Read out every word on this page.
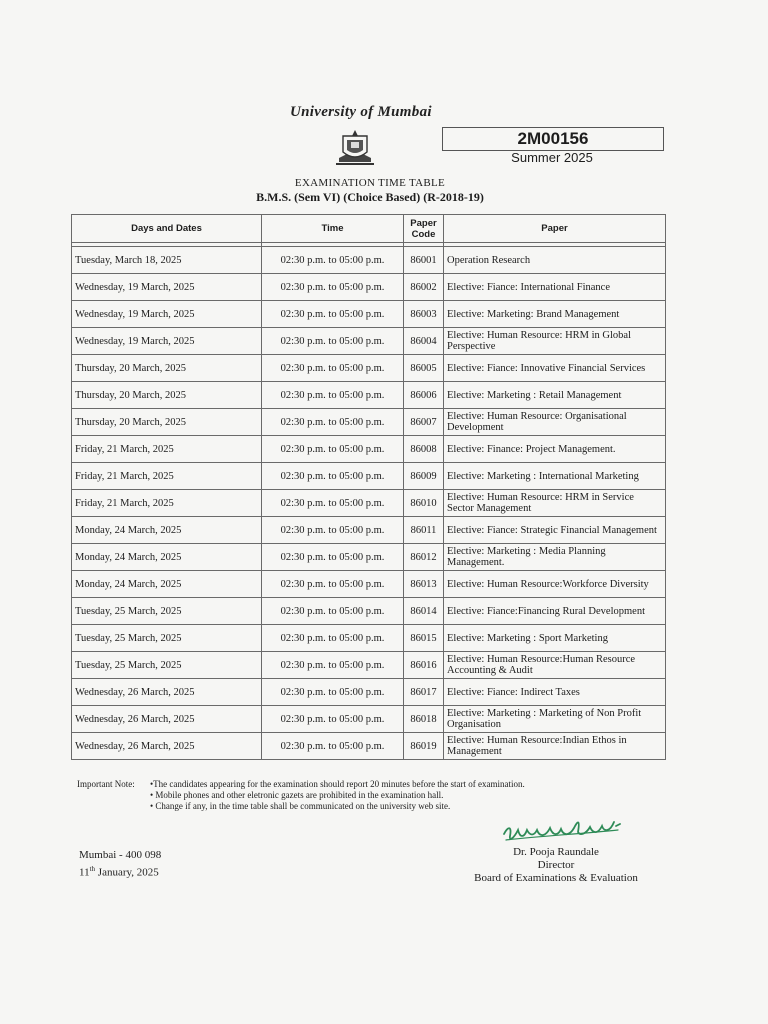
University of Mumbai
2M00156
Summer 2025
EXAMINATION TIME TABLE
B.M.S. (Sem VI) (Choice Based) (R-2018-19)
Days and Dates	Time	Paper Code	Paper

Tuesday, March 18, 2025	02:30 p.m. to 05:00 p.m.	86001	Operation Research
Wednesday, 19 March, 2025	02:30 p.m. to 05:00 p.m.	86002	Elective: Fiance: International Finance
Wednesday, 19 March, 2025	02:30 p.m. to 05:00 p.m.	86003	Elective: Marketing: Brand Management
Wednesday, 19 March, 2025	02:30 p.m. to 05:00 p.m.	86004	Elective: Human Resource: HRM in Global Perspective
Thursday, 20 March, 2025	02:30 p.m. to 05:00 p.m.	86005	Elective: Fiance: Innovative Financial Services
Thursday, 20 March, 2025	02:30 p.m. to 05:00 p.m.	86006	Elective: Marketing : Retail Management
Thursday, 20 March, 2025	02:30 p.m. to 05:00 p.m.	86007	Elective: Human Resource: Organisational Development
Friday, 21 March, 2025	02:30 p.m. to 05:00 p.m.	86008	Elective: Finance: Project Management.
Friday, 21 March, 2025	02:30 p.m. to 05:00 p.m.	86009	Elective: Marketing : International Marketing
Friday, 21 March, 2025	02:30 p.m. to 05:00 p.m.	86010	Elective: Human Resource: HRM in Service Sector Management
Monday, 24 March, 2025	02:30 p.m. to 05:00 p.m.	86011	Elective: Fiance: Strategic Financial Management
Monday, 24 March, 2025	02:30 p.m. to 05:00 p.m.	86012	Elective: Marketing : Media Planning Management.
Monday, 24 March, 2025	02:30 p.m. to 05:00 p.m.	86013	Elective: Human Resource:Workforce Diversity
Tuesday, 25 March, 2025	02:30 p.m. to 05:00 p.m.	86014	Elective: Fiance:Financing Rural Development
Tuesday, 25 March, 2025	02:30 p.m. to 05:00 p.m.	86015	Elective: Marketing : Sport Marketing
Tuesday, 25 March, 2025	02:30 p.m. to 05:00 p.m.	86016	Elective: Human Resource:Human Resource Accounting & Audit
Wednesday, 26 March, 2025	02:30 p.m. to 05:00 p.m.	86017	Elective: Fiance: Indirect Taxes
Wednesday, 26 March, 2025	02:30 p.m. to 05:00 p.m.	86018	Elective: Marketing : Marketing of Non Profit Organisation
Wednesday, 26 March, 2025	02:30 p.m. to 05:00 p.m.	86019	Elective: Human Resource:Indian Ethos in Management
Important Note: •The candidates appearing for the examination should report 20 minutes before the start of examination.
• Mobile phones and other eletronic gazets are prohibited in the examination hall.
• Change if any, in the time table shall be communicated on the university web site.
Mumbai - 400 098
11th January, 2025
Dr. Pooja Raundale
Director
Board of Examinations & Evaluation
